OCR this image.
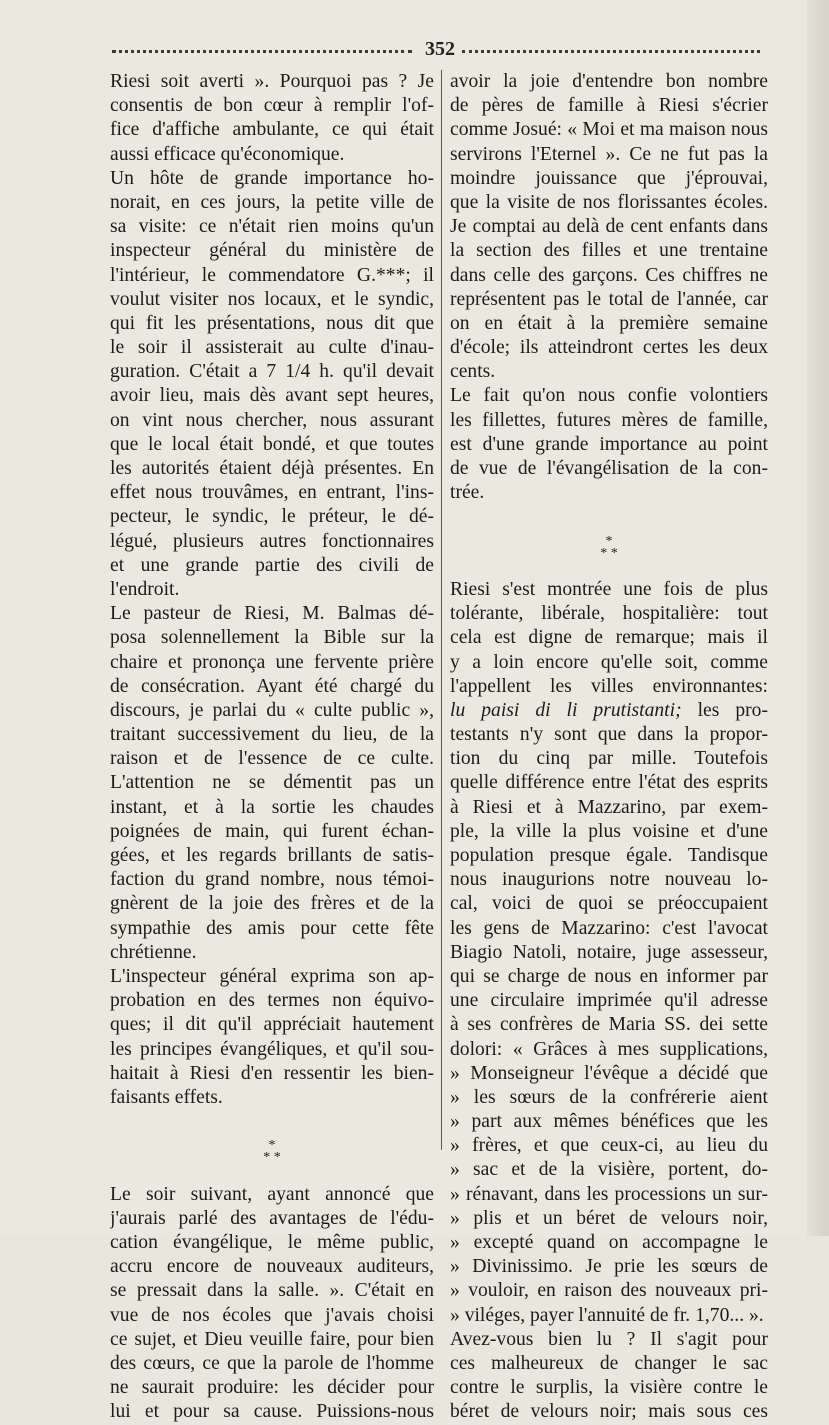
352
Riesi soit averti ». Pourquoi pas ? Je
consentis de bon cœur à remplir l'of-
fice d'affiche ambulante, ce qui était
aussi efficace qu'économique.
Un hôte de grande importance ho-
norait, en ces jours, la petite ville de
sa visite: ce n'était rien moins qu'un
inspecteur général du ministère de
l'intérieur, le commendatore G.***; il
voulut visiter nos locaux, et le syndic,
qui fit les présentations, nous dit que
le soir il assisterait au culte d'inau-
guration. C'était a 7 1/4 h. qu'il devait
avoir lieu, mais dès avant sept heures,
on vint nous chercher, nous assurant
que le local était bondé, et que toutes
les autorités étaient déjà présentes. En
effet nous trouvâmes, en entrant, l'ins-
pecteur, le syndic, le préteur, le dé-
légué, plusieurs autres fonctionnaires
et une grande partie des civili de
l'endroit.
Le pasteur de Riesi, M. Balmas dé-
posa solennellement la Bible sur la
chaire et prononça une fervente prière
de consécration. Ayant été chargé du
discours, je parlai du « culte public »,
traitant successivement du lieu, de la
raison et de l'essence de ce culte.
L'attention ne se démentit pas un
instant, et à la sortie les chaudes
poignées de main, qui furent échan-
gées, et les regards brillants de satis-
faction du grand nombre, nous témoi-
gnèrent de la joie des frères et de la
sympathie des amis pour cette fête
chrétienne.
L'inspecteur général exprima son ap-
probation en des termes non équivo-
ques; il dit qu'il appréciait hautement
les principes évangéliques, et qu'il sou-
haitait à Riesi d'en ressentir les bien-
faisants effets.
*
* *
Le soir suivant, ayant annoncé que
j'aurais parlé des avantages de l'édu-
cation évangélique, le même public,
accru encore de nouveaux auditeurs,
se pressait dans la salle. ». C'était en
vue de nos écoles que j'avais choisi
ce sujet, et Dieu veuille faire, pour bien
des cœurs, ce que la parole de l'homme
ne saurait produire: les décider pour
lui et pour sa cause. Puissions-nous
avoir la joie d'entendre bon nombre
de pères de famille à Riesi s'écrier
comme Josué: « Moi et ma maison nous
servirons l'Eternel ». Ce ne fut pas la
moindre jouissance que j'éprouvai,
que la visite de nos florissantes écoles.
Je comptai au delà de cent enfants dans
la section des filles et une trentaine
dans celle des garçons. Ces chiffres ne
représentent pas le total de l'année, car
on en était à la première semaine
d'école; ils atteindront certes les deux
cents.
Le fait qu'on nous confie volontiers
les fillettes, futures mères de famille,
est d'une grande importance au point
de vue de l'évangélisation de la con-
trée.
*
* *
Riesi s'est montrée une fois de plus
tolérante, libérale, hospitalière: tout
cela est digne de remarque; mais il
y a loin encore qu'elle soit, comme
l'appellent les villes environnantes:
lu paisi di li prutistanti; les pro-
testants n'y sont que dans la propor-
tion du cinq par mille. Toutefois
quelle différence entre l'état des esprits
à Riesi et à Mazzarino, par exem-
ple, la ville la plus voisine et d'une
population presque égale. Tandisque
nous inaugurions notre nouveau lo-
cal, voici de quoi se préoccupaient
les gens de Mazzarino: c'est l'avocat
Biagio Natoli, notaire, juge assesseur,
qui se charge de nous en informer par
une circulaire imprimée qu'il adresse
à ses confrères de Maria SS. dei sette
dolori: « Grâces à mes supplications,
» Monseigneur l'évêque a décidé que
» les sœurs de la confrérerie aient
» part aux mêmes bénéfices que les
» frères, et que ceux-ci, au lieu du
» sac et de la visière, portent, do-
» rénavant, dans les processions un sur-
» plis et un béret de velours noir,
» excepté quand on accompagne le
» Divinissimo. Je prie les sœurs de
» vouloir, en raison des nouveaux pri-
» viléges, payer l'annuité de fr. 1,70... ».
Avez-vous bien lu ? Il s'agit pour
ces malheureux de changer le sac
contre le surplis, la visière contre le
béret de velours noir; mais sous ces
